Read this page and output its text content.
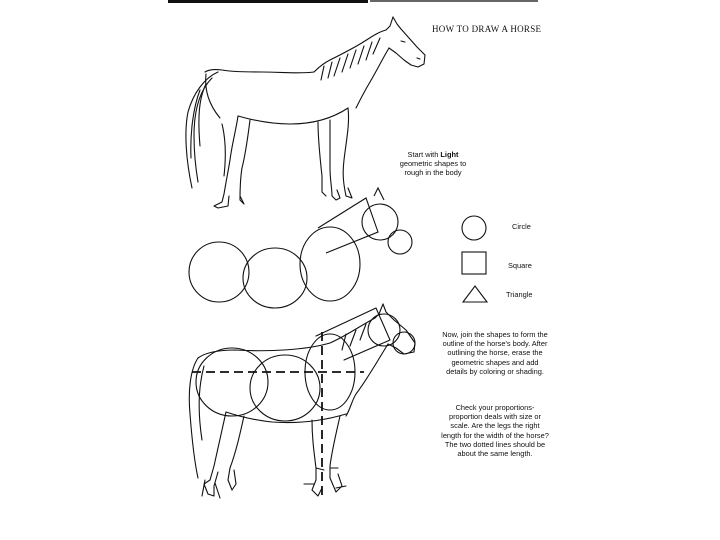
HOW TO DRAW A HORSE
Start with Light geometric shapes to rough in the body
Circle
Square
Triangle
Now, join the shapes to form the outline of the horse's body. After outlining the horse, erase the geometric shapes and add details by coloring or shading.
Check your proportions- proportion deals with size or scale. Are the legs the right length for the width of the horse? The two dotted lines should be about the same length.
